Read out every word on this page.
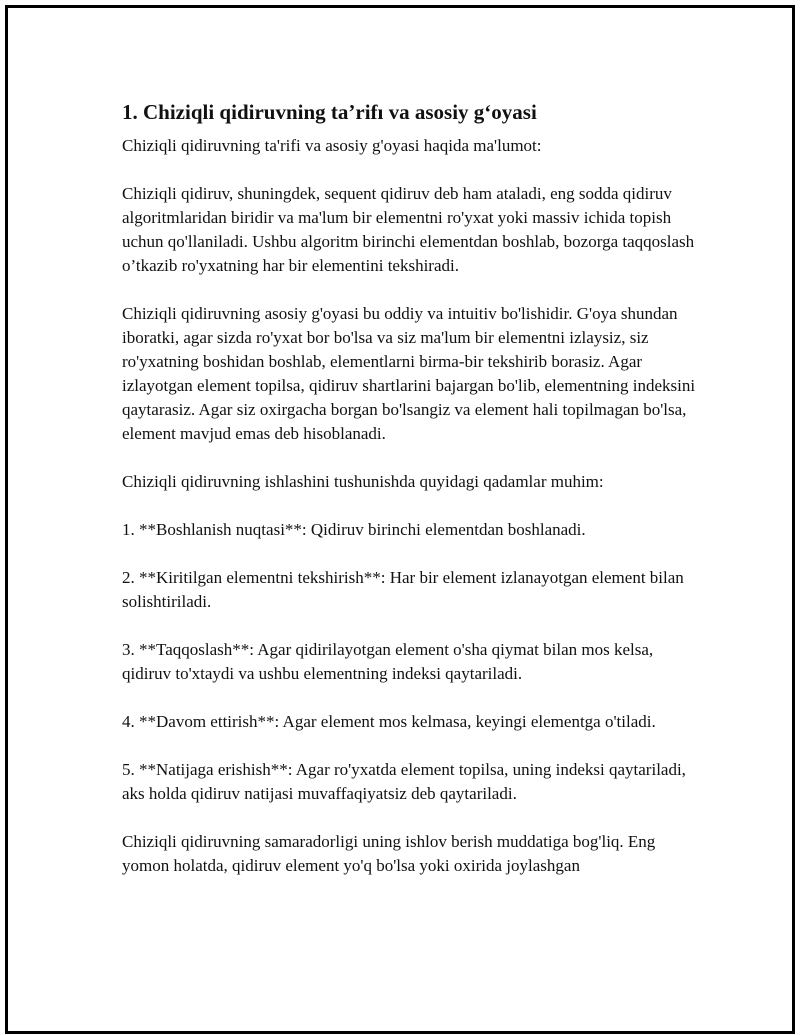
1. Chiziqli qidiruvning ta’rifı va asosiy g‘oyasi

Chiziqli qidiruvning ta'rifi va asosiy g'oyasi haqida ma'lumot:

Chiziqli qidiruv, shuningdek, sequent qidiruv deb ham ataladi, eng sodda qidiruv algoritmlaridan biridir va ma'lum bir elementni ro'yxat yoki massiv ichida topish uchun qo'llaniladi. Ushbu algoritm birinchi elementdan boshlab, bozorga taqqoslash o’tkazib ro'yxatning har bir elementini tekshiradi.

Chiziqli qidiruvning asosiy g'oyasi bu oddiy va intuitiv bo'lishidir. G'oya shundan iboratki, agar sizda ro'yxat bor bo'lsa va siz ma'lum bir elementni izlaysiz, siz ro'yxatning boshidan boshlab, elementlarni birma-bir tekshirib borasiz. Agar izlayotgan element topilsa, qidiruv shartlarini bajargan bo'lib, elementning indeksini qaytarasiz. Agar siz oxirgacha borgan bo'lsangiz va element hali topilmagan bo'lsa, element mavjud emas deb hisoblanadi.

Chiziqli qidiruvning ishlashini tushunishda quyidagi qadamlar muhim:

1. **Boshlanish nuqtasi**: Qidiruv birinchi elementdan boshlanadi.

2. **Kiritilgan elementni tekshirish**: Har bir element izlanayotgan element bilan solishtiriladi.

3. **Taqqoslash**: Agar qidirilayotgan element o'sha qiymat bilan mos kelsa, qidiruv to'xtaydi va ushbu elementning indeksi qaytariladi.

4. **Davom ettirish**: Agar element mos kelmasa, keyingi elementga o'tiladi.

5. **Natijaga erishish**: Agar ro'yxatda element topilsa, uning indeksi qaytariladi, aks holda qidiruv natijasi muvaffaqiyatsiz deb qaytariladi.

Chiziqli qidiruvning samaradorligi uning ishlov berish muddatiga bog'liq. Eng yomon holatda, qidiruv element yo'q bo'lsa yoki oxirida joylashgan
